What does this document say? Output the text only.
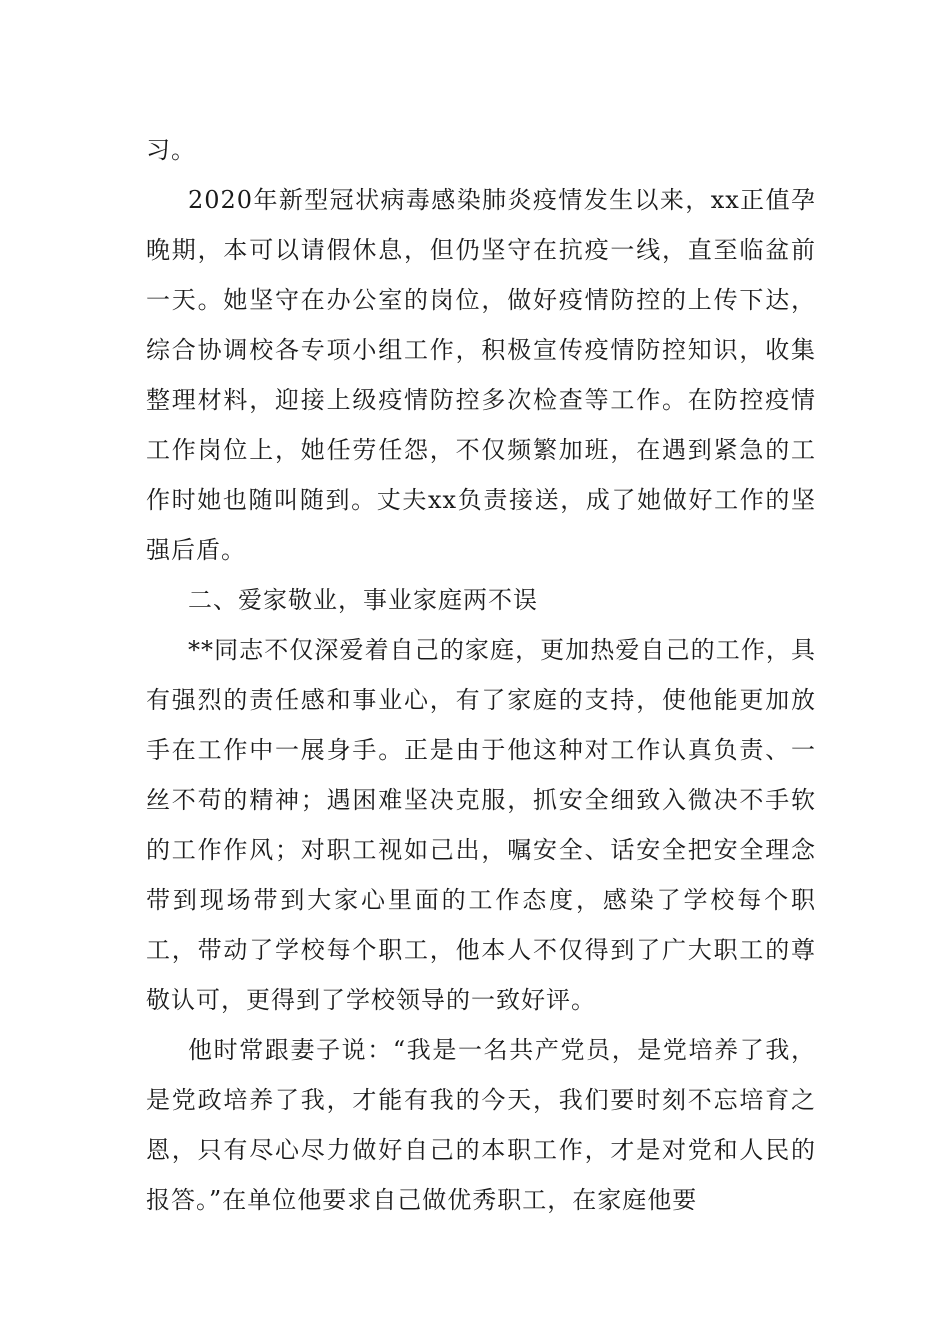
习。

2020年新型冠状病毒感染肺炎疫情发生以来，xx正值孕晚期，本可以请假休息，但仍坚守在抗疫一线，直至临盆前一天。她坚守在办公室的岗位，做好疫情防控的上传下达，综合协调校各专项小组工作，积极宣传疫情防控知识，收集整理材料，迎接上级疫情防控多次检查等工作。在防控疫情工作岗位上，她任劳任怨，不仅频繁加班，在遇到紧急的工作时她也随叫随到。丈夫xx负责接送，成了她做好工作的坚强后盾。

二、爱家敬业，事业家庭两不误

**同志不仅深爱着自己的家庭，更加热爱自己的工作，具有强烈的责任感和事业心，有了家庭的支持，使他能更加放手在工作中一展身手。正是由于他这种对工作认真负责、一丝不苟的精神；遇困难坚决克服，抓安全细致入微决不手软的工作作风；对职工视如己出，嘱安全、话安全把安全理念带到现场带到大家心里面的工作态度，感染了学校每个职工，带动了学校每个职工，他本人不仅得到了广大职工的尊敬认可，更得到了学校领导的一致好评。

他时常跟妻子说：“我是一名共产党员，是党培养了我，是党政培养了我，才能有我的今天，我们要时刻不忘培育之恩，只有尽心尽力做好自己的本职工作，才是对党和人民的报答。”在单位他要求自己做优秀职工，在家庭他要
